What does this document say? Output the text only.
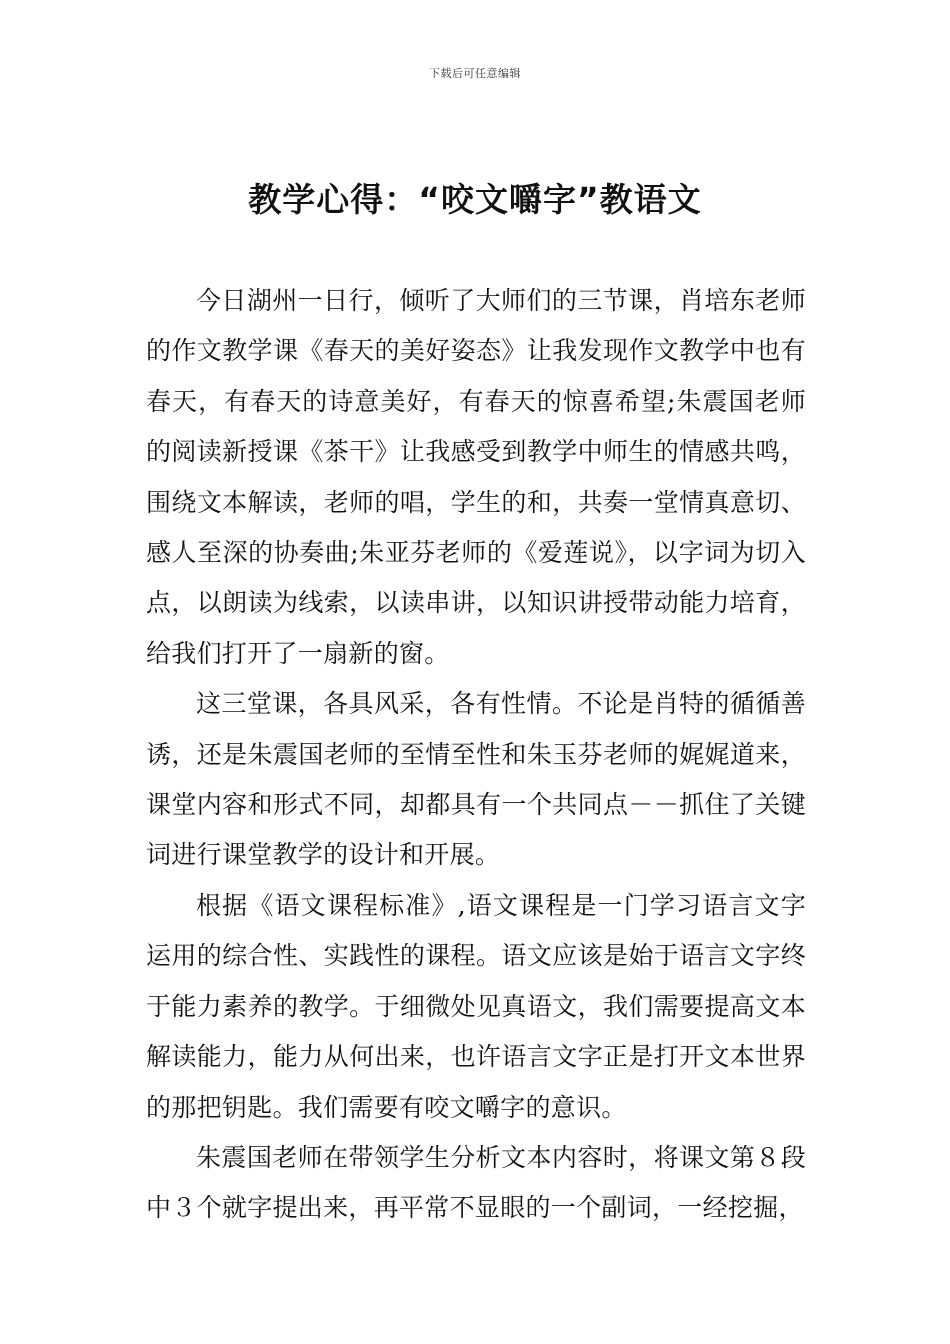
下载后可任意编辑
教学心得：“咬文嚼字”教语文

今日湖州一日行，倾听了大师们的三节课，肖培东老师的作文教学课《春天的美好姿态》让我发现作文教学中也有春天，有春天的诗意美好，有春天的惊喜希望;朱震国老师的阅读新授课《茶干》让我感受到教学中师生的情感共鸣，围绕文本解读，老师的唱，学生的和，共奏一堂情真意切、感人至深的协奏曲;朱亚芬老师的《爱莲说》，以字词为切入点，以朗读为线索，以读串讲，以知识讲授带动能力培育，给我们打开了一扇新的窗。

这三堂课，各具风采，各有性情。不论是肖特的循循善诱，还是朱震国老师的至情至性和朱玉芬老师的娓娓道来，课堂内容和形式不同，却都具有一个共同点－－抓住了关键词进行课堂教学的设计和开展。

根据《语文课程标准》,语文课程是一门学习语言文字运用的综合性、实践性的课程。语文应该是始于语言文字终于能力素养的教学。于细微处见真语文，我们需要提高文本解读能力，能力从何出来，也许语言文字正是打开文本世界的那把钥匙。我们需要有咬文嚼字的意识。

朱震国老师在带领学生分析文本内容时，将课文第８段中３个就字提出来，再平常不显眼的一个副词，一经挖掘，
